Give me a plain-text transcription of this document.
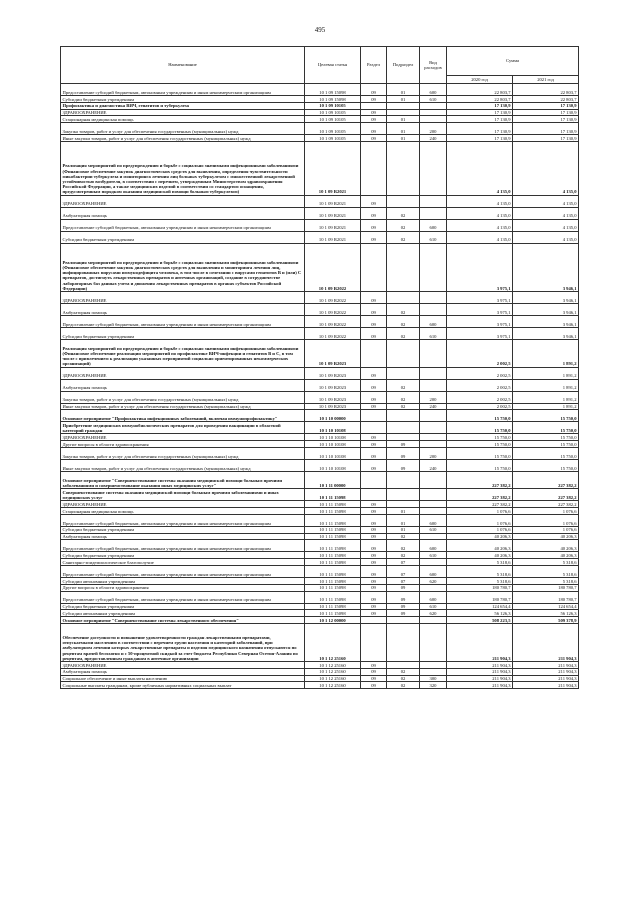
495
Наименование	Целевая статья	Раздел	Подраздел	Вид расходов	Сумма	
					2020 год	2021 год
Предоставление субсидий бюджетным, автономным учреждениям и иным некоммерческим организациям	10 1 09 15098	09	01	600	22 803,7	22 803,7
Субсидии бюджетным учреждениям	10 1 09 15098	09	01	610	22 803,7	22 803,7
Профилактика и диагностика ВИЧ, гепатитов и туберкулеза	10 1 09 10105				17 130,9	17 130,9
ЗДРАВООХРАНЕНИЕ	10 1 09 10105	09			17 130,9	17 130,9
Стационарная медицинская помощь	10 1 09 10105	09	01		17 130,9	17 130,9
Закупка товаров, работ и услуг для обеспечения государственных (муниципальных) нужд	10 1 09 10105	09	01	200	17 130,9	17 130,9
Иные закупки товаров, работ и услуг для обеспечения государственных (муниципальных) нужд	10 1 09 10105	09	01	240	17 130,9	17 130,9
Реализация мероприятий по предупреждению и борьбе с социально значимыми инфекционными заболеваниями (Финансовое обеспечение закупок диагностических средств для выявления, определения чувствительности микобактерии туберкулеза и мониторинга лечения лиц больных туберкулезом с множественной лекарственной устойчивостью возбудителя, в соответствии с перечнем, утвержденным Министерством здравоохранения Российской Федерации, а также медицинских изделий в соответствии со стандартом оснащения, предусмотренным порядком оказания медицинской помощи больным туберкулезом)	10 1 09 R2021				4 135,0	4 135,0
ЗДРАВООХРАНЕНИЕ	10 1 09 R2021	09			4 135,0	4 135,0
Амбулаторная помощь	10 1 09 R2021	09	02		4 135,0	4 135,0
Предоставление субсидий бюджетным, автономным учреждениям и иным некоммерческим организациям	10 1 09 R2021	09	02	600	4 135,0	4 135,0
Субсидии бюджетным учреждениям	10 1 09 R2021	09	02	610	4 135,0	4 135,0
Реализация мероприятий по предупреждению и борьбе с социально значимыми инфекционными заболеваниями (Финансовое обеспечение закупок диагностических средств для выявления и мониторинга лечения лиц, инфицированных вирусами иммунодефицита человека, в том числе в сочетании с вирусами гепатитов B и (или) C препаратов, достигнуть лекарственных препаратов и аптечных организаций, создание в сотрудничестве лабораторных баз данных учета и движения лекарственных препаратов в органах субъектов Российской Федерации)	10 1 09 R2022				3 975,1	3 946,1
ЗДРАВООХРАНЕНИЕ	10 1 09 R2022	09			3 975,1	3 946,1
Амбулаторная помощь	10 1 09 R2022	09	02		3 975,1	3 946,1
Предоставление субсидий бюджетным, автономным учреждениям и иным некоммерческим организациям	10 1 09 R2022	09	02	600	3 975,1	3 946,1
Субсидии бюджетным учреждениям	10 1 09 R2022	09	02	610	3 975,1	3 946,1
Реализация мероприятий по предупреждению и борьбе с социально значимыми инфекционными заболеваниями (Финансовое обеспечение реализации мероприятий по профилактике ВИЧ-инфекции и гепатитов B и C, в том числе с привлечением к реализации указанных мероприятий социально ориентированных некоммерческих организаций)	10 1 09 R2023				2 002,5	1 891,2
ЗДРАВООХРАНЕНИЕ	10 1 09 R2023	09			2 002,5	1 891,2
Амбулаторная помощь	10 1 09 R2023	09	02		2 002,5	1 891,2
Закупка товаров, работ и услуг для обеспечения государственных (муниципальных) нужд	10 1 09 R2023	09	02	200	2 002,5	1 891,2
Иные закупки товаров, работ и услуг для обеспечения государственных (муниципальных) нужд	10 1 09 R2023	09	02	240	2 002,5	1 891,2
Основное мероприятие "Профилактика инфекционных заболеваний, включая иммунопрофилактику"	10 1 10 00000				15 750,0	15 750,0
Приобретение медицинских иммунобиологических препаратов для проведения вакцинации в областной категорий граждан	10 1 10 10108				15 750,0	15 750,0
ЗДРАВООХРАНЕНИЕ	10 1 10 10108	09			15 750,0	15 750,0
Другие вопросы в области здравоохранения	10 1 10 10108	09	09		15 750,0	15 750,0
Закупка товаров, работ и услуг для обеспечения государственных (муниципальных) нужд	10 1 10 10108	09	09	200	15 750,0	15 750,0
Иные закупки товаров, работ и услуг для обеспечения государственных (муниципальных) нужд	10 1 10 10108	09	09	240	15 750,0	15 750,0
Основное мероприятие "Совершенствование системы оказания медицинской помощи больным прочими заболеваниями и совершенствование оказания иных медицинских услуг"	10 1 11 00000				227 382,2	227 382,2
Совершенствование системы оказания медицинской помощи больным прочими заболеваниями и иных медицинских услуг	10 1 11 15098				227 382,2	227 382,2
ЗДРАВООХРАНЕНИЕ	10 1 11 15098	09			227 382,2	227 382,2
Стационарная медицинская помощь	10 1 11 15098	09	01		1 076,6	1 076,6
Предоставление субсидий бюджетным, автономным учреждениям и иным некоммерческим организациям	10 1 11 15098	09	01	600	1 076,6	1 076,6
Субсидии бюджетным учреждениям	10 1 11 15098	09	01	610	1 076,6	1 076,6
Амбулаторная помощь	10 1 11 15098	09	02		40 206,3	40 206,3
Предоставление субсидий бюджетным, автономным учреждениям и иным некоммерческим организациям	10 1 11 15098	09	02	600	40 206,3	40 206,3
Субсидии бюджетным учреждениям	10 1 11 15098	09	02	610	40 206,3	40 206,3
Санитарно-эпидемиологическое благополучие	10 1 11 15098	09	07		5 318,6	5 318,6
Предоставление субсидий бюджетным, автономным учреждениям и иным некоммерческим организациям	10 1 11 15098	09	07	600	5 318,6	5 318,6
Субсидии автономным учреждениям	10 1 11 15098	09	07	620	5 318,6	5 318,6
Другие вопросы в области здравоохранения	10 1 11 15098	09	09		180 780,7	180 780,7
Предоставление субсидий бюджетным, автономным учреждениям и иным некоммерческим организациям	10 1 11 15098	09	09	600	180 780,7	180 780,7
Субсидии бюджетным учреждениям	10 1 11 15098	09	09	610	124 654,4	124 654,4
Субсидии автономным учреждениям	10 1 11 15098	09	09	620	56 126,3	56 126,3
Основное мероприятие "Совершенствование системы лекарственного обеспечения"	10 1 12 00000				508 223,5	509 378,9
Обеспечение доступности и повышение удовлетворенности граждан лекарственными препаратами, отпускаемыми населению в соответствии с перечнем групп населения и категорий заболеваний, при амбулаторном лечении которых лекарственные препараты и изделия медицинского назначения отпускаются по рецептам врачей бесплатно и с 50-процентной скидкой за счет бюджета Республики Северная Осетия-Алания по рецептам, предоставленным гражданам в аптечные организации	10 1 12 25160				211 904,3	211 904,3
ЗДРАВООХРАНЕНИЕ	10 1 12 25160	09			211 904,3	211 904,3
Амбулаторная помощь	10 1 12 25160	09	02		211 904,3	211 904,3
Социальное обеспечение и иные выплаты населению	10 1 12 25160	09	02	300	211 904,3	211 904,3
Социальные выплаты гражданам, кроме публичных нормативных социальных выплат	10 1 12 25160	09	02	320	211 904,3	211 904,3
